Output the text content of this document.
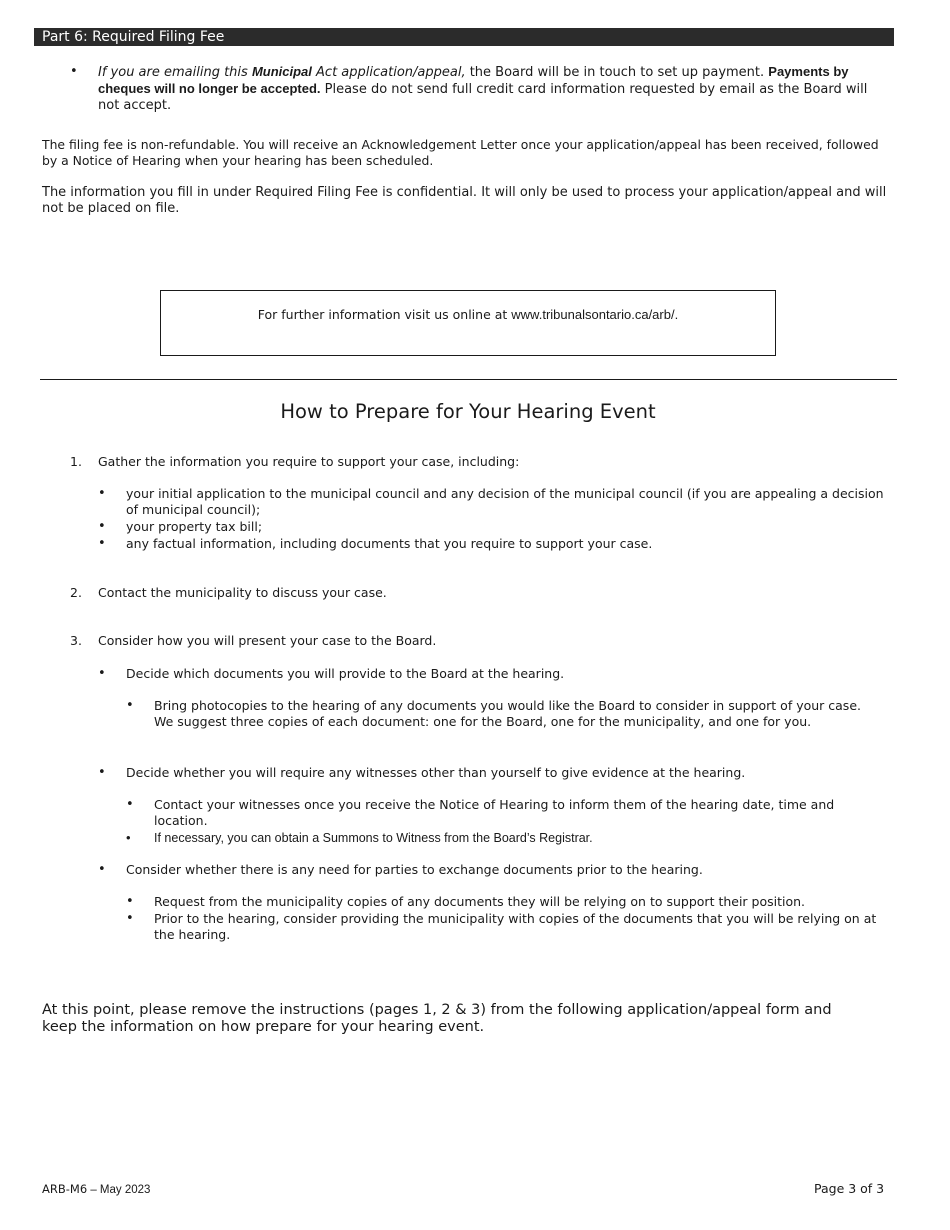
Part 6: Required Filing Fee
• If you are emailing this Municipal Act application/appeal, the Board will be in touch to set up payment. Payments by cheques will no longer be accepted. Please do not send full credit card information requested by email as the Board will not accept.
The filing fee is non-refundable. You will receive an Acknowledgement Letter once your application/appeal has been received, followed by a Notice of Hearing when your hearing has been scheduled.
The information you fill in under Required Filing Fee is confidential. It will only be used to process your application/appeal and will not be placed on file.
For further information visit us online at www.tribunalsontario.ca/arb/.
How to Prepare for Your Hearing Event
1. Gather the information you require to support your case, including:
• your initial application to the municipal council and any decision of the municipal council (if you are appealing a decision of municipal council);
• your property tax bill;
• any factual information, including documents that you require to support your case.
2. Contact the municipality to discuss your case.
3. Consider how you will present your case to the Board.
• Decide which documents you will provide to the Board at the hearing.
• Bring photocopies to the hearing of any documents you would like the Board to consider in support of your case. We suggest three copies of each document: one for the Board, one for the municipality, and one for you.
• Decide whether you will require any witnesses other than yourself to give evidence at the hearing.
• Contact your witnesses once you receive the Notice of Hearing to inform them of the hearing date, time and location.
• If necessary, you can obtain a Summons to Witness from the Board’s Registrar.
• Consider whether there is any need for parties to exchange documents prior to the hearing.
• Request from the municipality copies of any documents they will be relying on to support their position.
• Prior to the hearing, consider providing the municipality with copies of the documents that you will be relying on at the hearing.
At this point, please remove the instructions (pages 1, 2 & 3) from the following application/appeal form and keep the information on how prepare for your hearing event.
ARB-M6 – May 2023	Page 3 of 3
